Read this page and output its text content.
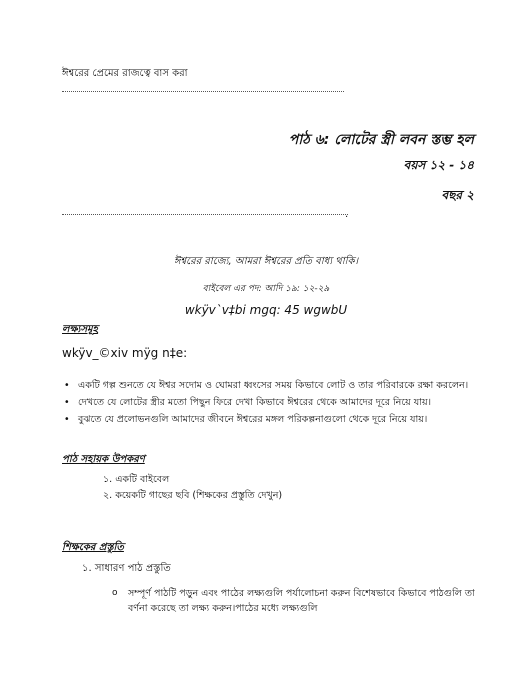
ঈশ্বরের প্রেমের রাজত্বে বাস করা
পাঠ ৬: লোটের স্ত্রী লবন স্তম্ভ হল
বয়স ১২ - ১৪
বছর ২
.
ঈশ্বরের রাজ্যে, আমরা ঈশ্বরের প্রতি বাধ্য থাকি।
বাইবেল এর পদ: আদি ১৯: ১২-২৯
wkÿv`v‡bi mgq: 45 wgwbU
লক্ষ্যসমূহ
wkÿv_©xiv mÿg n‡e:
• একটি গল্প শুনতে যে ঈশ্বর সদোম ও ঘোমরা ধ্বংসের সময় কিভাবে লোট ও তার পরিবারকে রক্ষা করলেন।
• দেখতে যে লোটের স্ত্রীর মতো পিছুন ফিরে দেখা কিভাবে ঈশ্বরের থেকে আমাদের দূরে নিয়ে যায়।
• বুঝতে যে প্রলোভনগুলি আমাদের জীবনে ঈশ্বরের মঙ্গল পরিকল্পনাগুলো থেকে দূরে নিয়ে যায়।
পাঠ সহায়ক উপকরণ
১. একটি বাইবেল
২. কয়েকটি গাছের ছবি (শিক্ষকের প্রস্তুতি দেখুন)
শিক্ষকের প্রস্তুতি
১. সাধারণ পাঠ প্রস্তুতি
o সম্পূর্ণ পাঠটি পড়ুন এবং পাঠের লক্ষ্যগুলি পর্যালোচনা করুন বিশেষভাবে কিভাবে পাঠগুলি তা বর্ণনা করেছে তা লক্ষ্য করুন।পাঠের মধ্যে লক্ষ্যগুলি
